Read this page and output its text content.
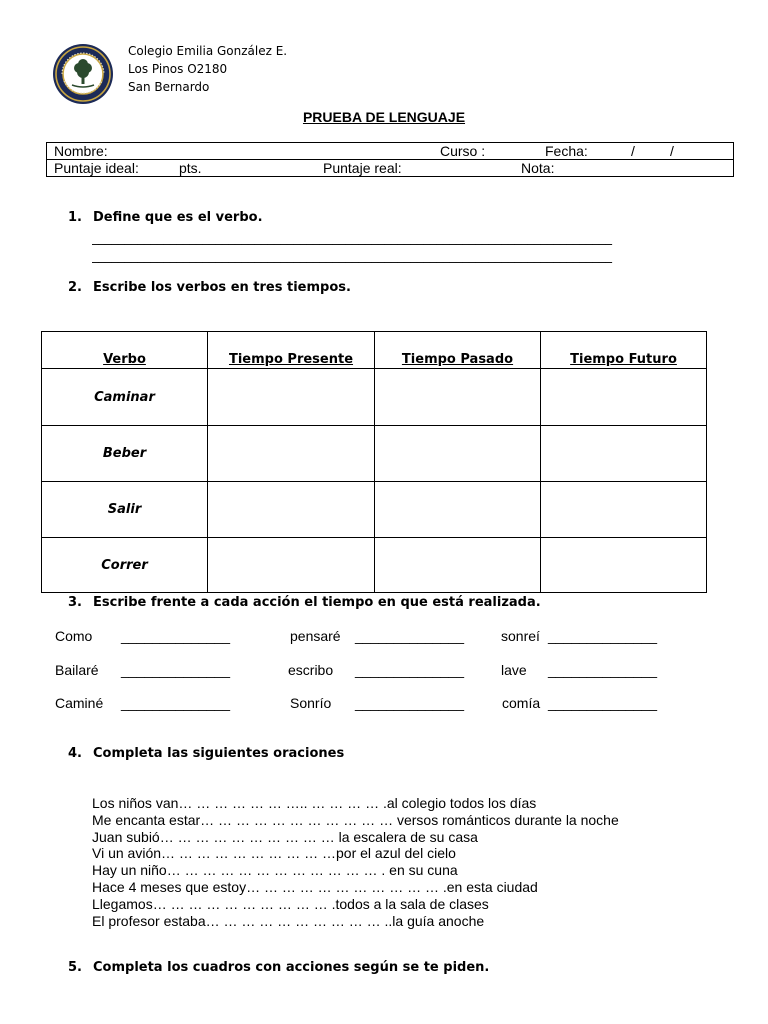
Colegio Emilia González E.
Los Pinos O2180
San Bernardo
PRUEBA DE LENGUAJE
Nombre:	Curso :	Fecha:	/	/

Puntaje ideal:	pts.	Puntaje real:	Nota:
1. Define que es el verbo.
________________________________________________________________________________
________________________________________________________________________________
2. Escribe los verbos en tres tiempos.
Verbo	Tiempo Presente	Tiempo Pasado	Tiempo Futuro
Caminar			
Beber			
Salir			
Correr			
3. Escribe frente a cada acción el tiempo en que está realizada.
Como ______________	pensaré ______________	sonreí ______________
Bailaré ______________	escribo ______________	lave ______________
Caminé ______________	Sonrío ______________	comía ______________
4. Completa las siguientes oraciones
Los niños van… … … … … … ….. … … … … .al colegio todos los días
Me encanta estar… … … … … … … … … … … versos románticos durante la noche
Juan subió… … … … … … … … … … la escalera de su casa
Vi un avión… … … … … … … … … …por el azul del cielo
Hay un niño… … … … … … … … … … … … . en su cuna
Hace 4 meses que estoy… … … … … … … … … … … .en esta ciudad
Llegamos… … … … … … … … … … .todos a la sala de clases
El profesor estaba… … … … … … … … … … ..la guía anoche
5. Completa los cuadros con acciones según se te piden.
